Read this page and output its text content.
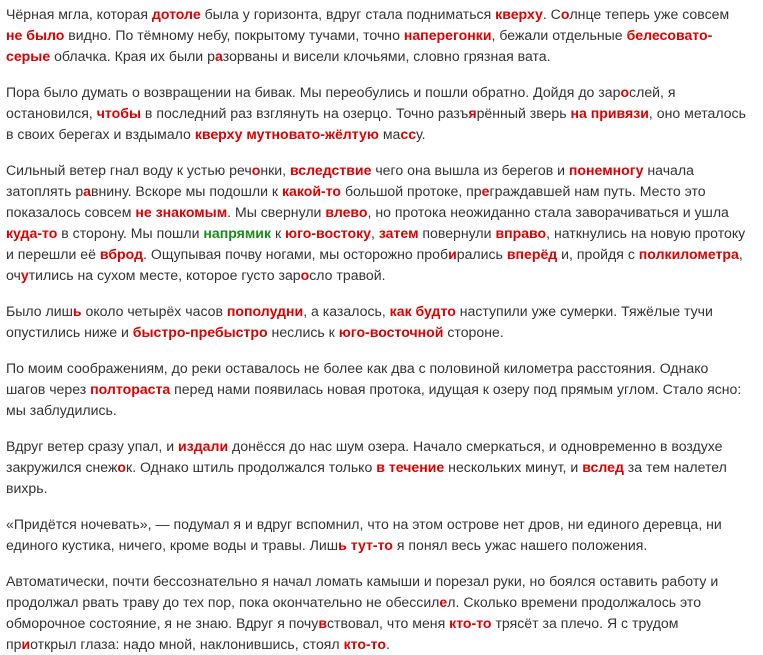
Чёрная мгла, которая дотоле была у горизонта, вдруг стала подниматься кверху. Солнце теперь уже совсем
не было видно. По тёмному небу, покрытому тучами, точно наперегонки, бежали отдельные белесовато-
серые облачка. Края их были разорваны и висели клочьями, словно грязная вата.

Пора было думать о возвращении на бивак. Мы переобулись и пошли обратно. Дойдя до зарослей, я
остановился, чтобы в последний раз взглянуть на озерцо. Точно разъярённый зверь на привязи, оно металось
в своих берегах и вздымало кверху мутновато-жёлтую массу.

Сильный ветер гнал воду к устью речонки, вследствие чего она вышла из берегов и понемногу начала
затоплять равнину. Вскоре мы подошли к какой-то большой протоке, преграждавшей нам путь. Место это
показалось совсем не знакомым. Мы свернули влево, но протока неожиданно стала заворачиваться и ушла
куда-то в сторону. Мы пошли напрямик к юго-востоку, затем повернули вправо, наткнулись на новую протоку
и перешли её вброд. Ощупывая почву ногами, мы осторожно пробирались вперёд и, пройдя с полкилометра,
очутились на сухом месте, которое густо заросло травой.

Было лишь около четырёх часов пополудни, а казалось, как будто наступили уже сумерки. Тяжёлые тучи
опустились ниже и быстро-пребыстро неслись к юго-восточной стороне.

По моим соображениям, до реки оставалось не более как два с половиной километра расстояния. Однако
шагов через полтораста перед нами появилась новая протока, идущая к озеру под прямым углом. Стало ясно:
мы заблудились.

Вдруг ветер сразу упал, и издали донёсся до нас шум озера. Начало смеркаться, и одновременно в воздухе
закружился снежок. Однако штиль продолжался только в течение нескольких минут, и вслед за тем налетел
вихрь.

«Придётся ночевать», — подумал я и вдруг вспомнил, что на этом острове нет дров, ни единого деревца, ни
единого кустика, ничего, кроме воды и травы. Лишь тут-то я понял весь ужас нашего положения.

Автоматически, почти бессознательно я начал ломать камыши и порезал руки, но боялся оставить работу и
продолжал рвать траву до тех пор, пока окончательно не обессилел. Сколько времени продолжалось это
обморочное состояние, я не знаю. Вдруг я почувствовал, что меня кто-то трясёт за плечо. Я с трудом
приоткрыл глаза: надо мной, наклонившись, стоял кто-то.
